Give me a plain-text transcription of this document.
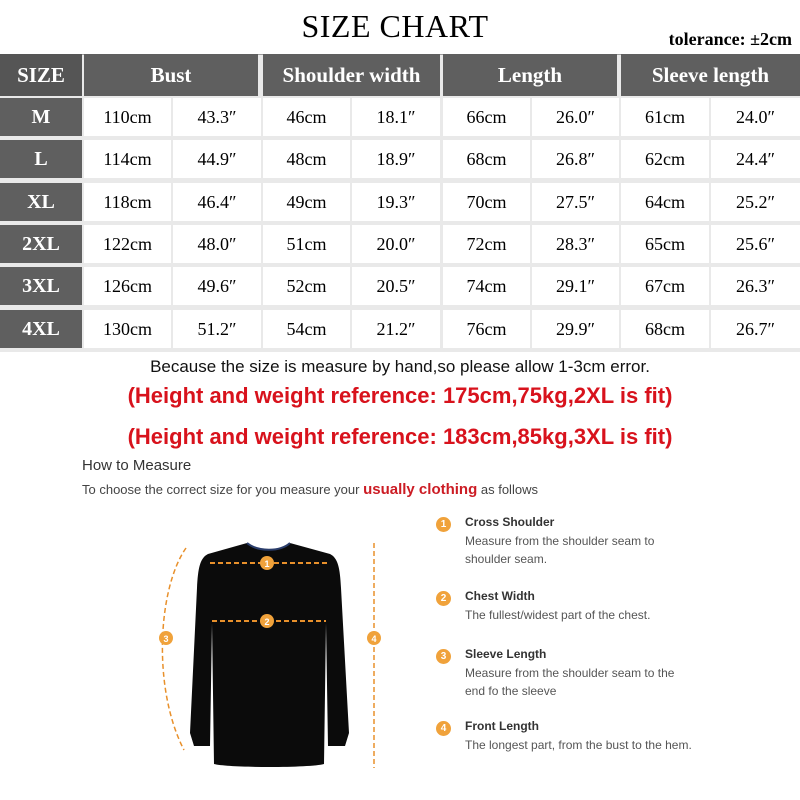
SIZE CHART	tolerance: ±2cm
SIZE	Bust	Shoulder width	Length	Sleeve length
M	110cm	43.3″	46cm	18.1″	66cm	26.0″	61cm	24.0″
L	114cm	44.9″	48cm	18.9″	68cm	26.8″	62cm	24.4″
XL	118cm	46.4″	49cm	19.3″	70cm	27.5″	64cm	25.2″
2XL	122cm	48.0″	51cm	20.0″	72cm	28.3″	65cm	25.6″
3XL	126cm	49.6″	52cm	20.5″	74cm	29.1″	67cm	26.3″
4XL	130cm	51.2″	54cm	21.2″	76cm	29.9″	68cm	26.7″
Because the size is measure by hand,so please allow 1-3cm error.
(Height and weight reference: 175cm,75kg,2XL is fit)
(Height and weight reference: 183cm,85kg,3XL is fit)
How to Measure
To choose the correct size for you measure your usually clothing as follows
1
2
3	4
1	Cross Shoulder
Measure from the shoulder seam to shoulder seam.
2	Chest Width
The fullest/widest part of the chest.
3	Sleeve Length
Measure from the shoulder seam to the end fo the sleeve
4	Front Length
The longest part, from the bust to the hem.
